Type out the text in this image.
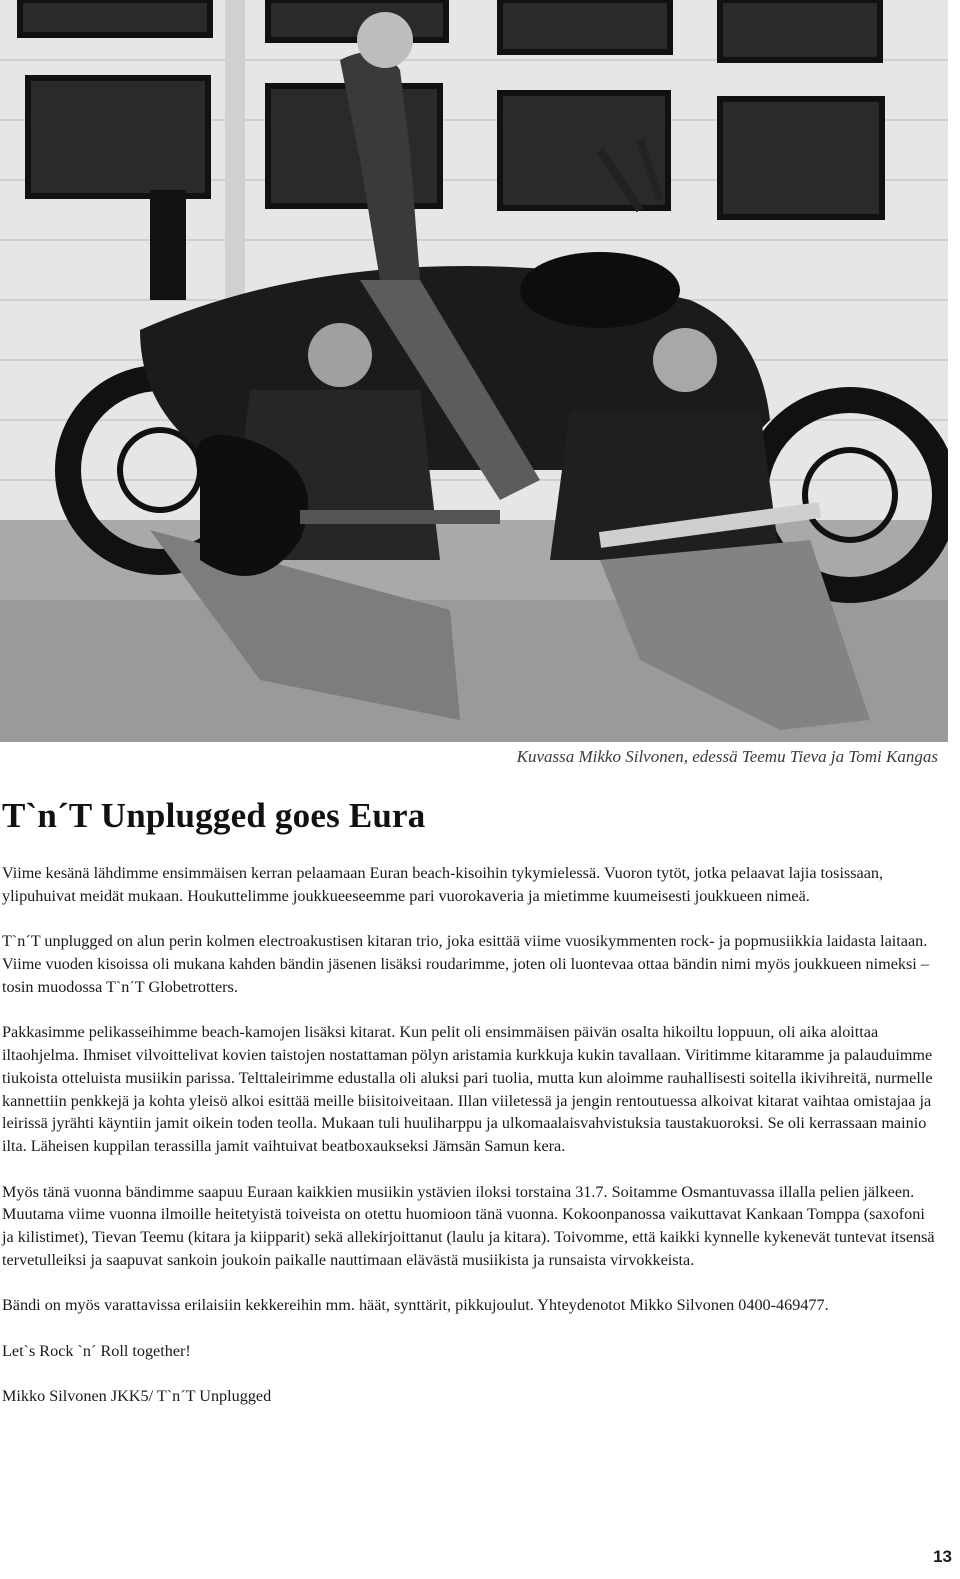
Kuvassa Mikko Silvonen, edessä Teemu Tieva ja Tomi Kangas
T`n´T Unplugged goes Eura

Viime kesänä lähdimme ensimmäisen kerran pelaamaan Euran beach-kisoihin tykymielessä. Vuoron tytöt, jotka pelaavat lajia tosissaan, ylipuhuivat meidät mukaan. Houkuttelimme joukkueeseemme pari vuorokaveria ja mietimme kuumeisesti joukkueen nimeä.

T`n´T unplugged on alun perin kolmen electroakustisen kitaran trio, joka esittää viime vuosikymmenten rock- ja popmusiikkia laidasta laitaan. Viime vuoden kisoissa oli mukana kahden bändin jäsenen lisäksi roudarimme, joten oli luontevaa ottaa bändin nimi myös joukkueen nimeksi – tosin muodossa T`n´T Globetrotters.

Pakkasimme pelikasseihimme beach-kamojen lisäksi kitarat. Kun pelit oli ensimmäisen päivän osalta hikoiltu loppuun, oli aika aloittaa iltaohjelma. Ihmiset vilvoittelivat kovien taistojen nostattaman pölyn aristamia kurkkuja kukin tavallaan. Viritimme kitaramme ja palauduimme tiukoista otteluista musiikin parissa. Telttaleirimme edustalla oli aluksi pari tuolia, mutta kun aloimme rauhallisesti soitella ikivihreitä, nurmelle kannettiin penkkejä ja kohta yleisö alkoi esittää meille biisitoiveitaan. Illan viiletessä ja jengin rentoutuessa alkoivat kitarat vaihtaa omistajaa ja leirissä jyrähti käyntiin jamit oikein toden teolla. Mukaan tuli huuliharppu ja ulkomaalaisvahvistuksia taustakuoroksi. Se oli kerrassaan mainio ilta. Läheisen kuppilan terassilla jamit vaihtuivat beatboxaukseksi Jämsän Samun kera.

Myös tänä vuonna bändimme saapuu Euraan kaikkien musiikin ystävien iloksi torstaina 31.7. Soitamme Osmantuvassa illalla pelien jälkeen. Muutama viime vuonna ilmoille heitetyistä toiveista on otettu huomioon tänä vuonna. Kokoonpanossa vaikuttavat Kankaan Tomppa (saxofoni ja kilistimet), Tievan Teemu (kitara ja kiipparit) sekä allekirjoittanut (laulu ja kitara). Toivomme, että kaikki kynnelle kykenevät tuntevat itsensä tervetulleiksi ja saapuvat sankoin joukoin paikalle nauttimaan elävästä musiikista ja runsaista virvokkeista.

Bändi on myös varattavissa erilaisiin kekkereihin mm. häät, synttärit, pikkujoulut. Yhteydenotot Mikko Silvonen 0400-469477.

Let`s Rock `n´ Roll together!

Mikko Silvonen JKK5/ T`n´T Unplugged

13
